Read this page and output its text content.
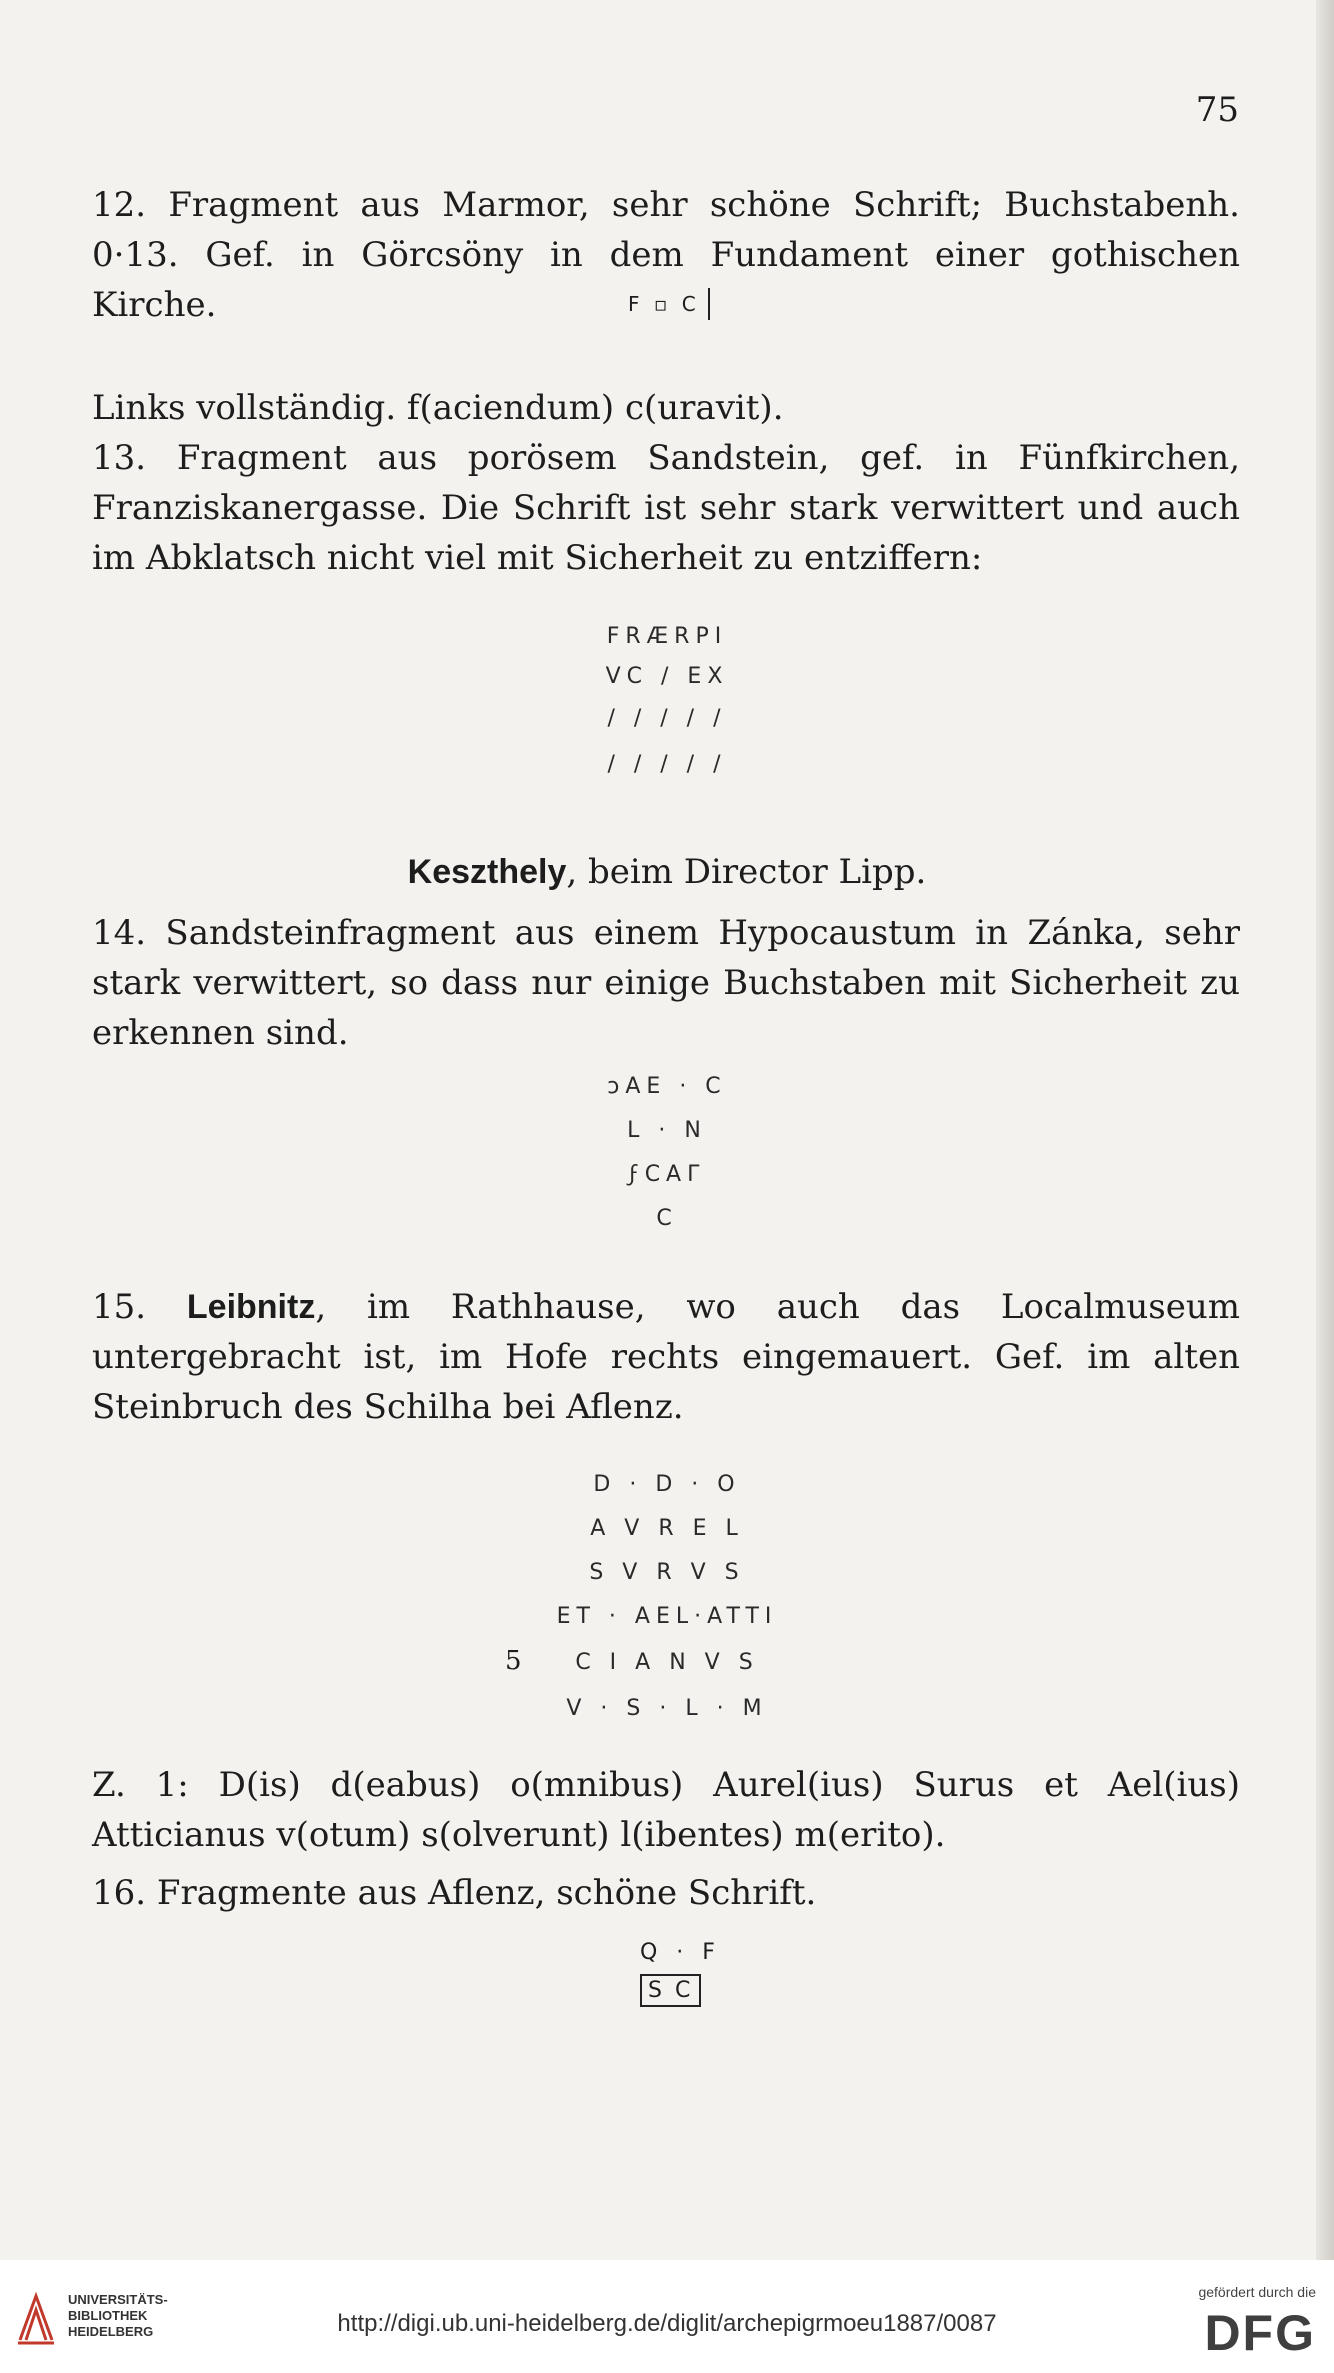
75
12. Fragment aus Marmor, sehr schöne Schrift; Buchstabenh. 0·13. Gef. in Görcsöny in dem Fundament einer gothischen Kirche.	F ▫ C
Links vollständig. f(aciendum) c(uravit).
13. Fragment aus porösem Sandstein, gef. in Fünfkirchen, Franziskanergasse. Die Schrift ist sehr stark verwittert und auch im Abklatsch nicht viel mit Sicherheit zu entziffern:
FRÆRPI
VC / EX
/ / / / /
/ / / / /
Keszthely, beim Director Lipp.
14. Sandsteinfragment aus einem Hypocaustum in Zánka, sehr stark verwittert, so dass nur einige Buchstaben mit Sicherheit zu erkennen sind.
ͻAE · C
L · N
ϝCAΓ
C
15. Leibnitz, im Rathhause, wo auch das Localmuseum untergebracht ist, im Hofe rechts eingemauert. Gef. im alten Steinbruch des Schilha bei Aflenz.
D · D · O
A V R E L
S V R V S
ET · AEL·ATTI
C I A N V S
5
V · S · L · M
Z. 1: D(is) d(eabus) o(mnibus) Aurel(ius) Surus et Ael(ius) Atticianus v(otum) s(olverunt) l(ibentes) m(erito).
16. Fragmente aus Aflenz, schöne Schrift.
Q · F
S C
UNIVERSITÄTS-
BIBLIOTHEK
HEIDELBERG	http://digi.ub.uni-heidelberg.de/diglit/archepigrmoeu1887/0087
gefördert durch die
DFG
